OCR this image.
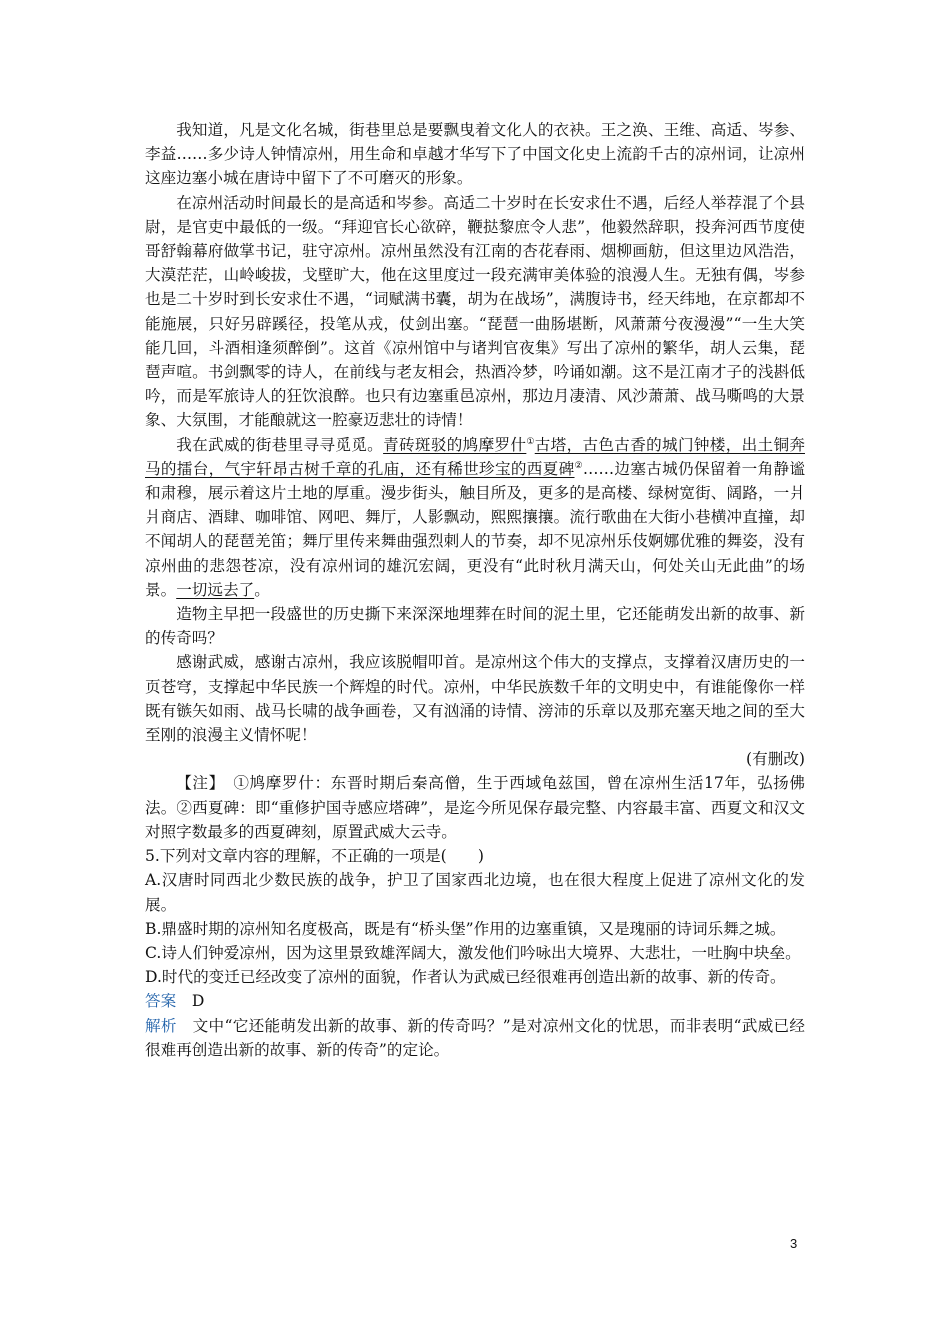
我知道，凡是文化名城，街巷里总是要飘曳着文化人的衣袂。王之涣、王维、高适、岑参、李益……多少诗人钟情凉州，用生命和卓越才华写下了中国文化史上流韵千古的凉州词，让凉州这座边塞小城在唐诗中留下了不可磨灭的形象。

在凉州活动时间最长的是高适和岑参。高适二十岁时在长安求仕不遇，后经人举荐混了个县尉，是官吏中最低的一级。“拜迎官长心欲碎，鞭挞黎庶令人悲”，他毅然辞职，投奔河西节度使哥舒翰幕府做掌书记，驻守凉州。凉州虽然没有江南的杏花春雨、烟柳画舫，但这里边风浩浩，大漠茫茫，山岭峻拔，戈壁旷大，他在这里度过一段充满审美体验的浪漫人生。无独有偶，岑参也是二十岁时到长安求仕不遇，“词赋满书囊，胡为在战场”，满腹诗书，经天纬地，在京都却不能施展，只好另辟蹊径，投笔从戎，仗剑出塞。“琵琶一曲肠堪断，风萧萧兮夜漫漫”“一生大笑能几回，斗酒相逢须醉倒”。这首《凉州馆中与诸判官夜集》写出了凉州的繁华，胡人云集，琵琶声喧。书剑飘零的诗人，在前线与老友相会，热酒冷梦，吟诵如潮。这不是江南才子的浅斟低吟，而是军旅诗人的狂饮浪醉。也只有边塞重邑凉州，那边月凄清、风沙萧萧、战马嘶鸣的大景象、大氛围，才能酿就这一腔豪迈悲壮的诗情！

我在武威的街巷里寻寻觅觅。青砖斑驳的鸠摩罗什①古塔，古色古香的城门钟楼，出土铜奔马的擂台，气宇轩昂古树千章的孔庙，还有稀世珍宝的西夏碑②……边塞古城仍保留着一角静谧和肃穆，展示着这片土地的厚重。漫步街头，触目所及，更多的是高楼、绿树宽街、阔路，一爿爿商店、酒肆、咖啡馆、网吧、舞厅，人影飘动，熙熙攘攘。流行歌曲在大街小巷横冲直撞，却不闻胡人的琵琶羌笛；舞厅里传来舞曲强烈刺人的节奏，却不见凉州乐伎婀娜优雅的舞姿，没有凉州曲的悲怨苍凉，没有凉州词的雄沉宏阔，更没有“此时秋月满天山，何处关山无此曲”的场景。一切远去了。

造物主早把一段盛世的历史撕下来深深地埋葬在时间的泥土里，它还能萌发出新的故事、新的传奇吗？

感谢武威，感谢古凉州，我应该脱帽叩首。是凉州这个伟大的支撑点，支撑着汉唐历史的一页苍穹，支撑起中华民族一个辉煌的时代。凉州，中华民族数千年的文明史中，有谁能像你一样既有镞矢如雨、战马长啸的战争画卷，又有汹涌的诗情、滂沛的乐章以及那充塞天地之间的至大至刚的浪漫主义情怀呢！

(有删改)

【注】　 ①鸠摩罗什：东晋时期后秦高僧，生于西域龟兹国，曾在凉州生活17年，弘扬佛法。②西夏碑：即“重修护国寺感应塔碑”，是迄今所见保存最完整、内容最丰富、西夏文和汉文对照字数最多的西夏碑刻，原置武威大云寺。

5.下列对文章内容的理解，不正确的一项是(　　)

A.汉唐时同西北少数民族的战争，护卫了国家西北边境，也在很大程度上促进了凉州文化的发展。

B.鼎盛时期的凉州知名度极高，既是有“桥头堡”作用的边塞重镇，又是瑰丽的诗词乐舞之城。

C.诗人们钟爱凉州，因为这里景致雄浑阔大，激发他们吟咏出大境界、大悲壮，一吐胸中块垒。

D.时代的变迁已经改变了凉州的面貌，作者认为武威已经很难再创造出新的故事、新的传奇。

答案　 D

解析　 文中“它还能萌发出新的故事、新的传奇吗？”是对凉州文化的忧思，而非表明“武威已经很难再创造出新的故事、新的传奇”的定论。

3
